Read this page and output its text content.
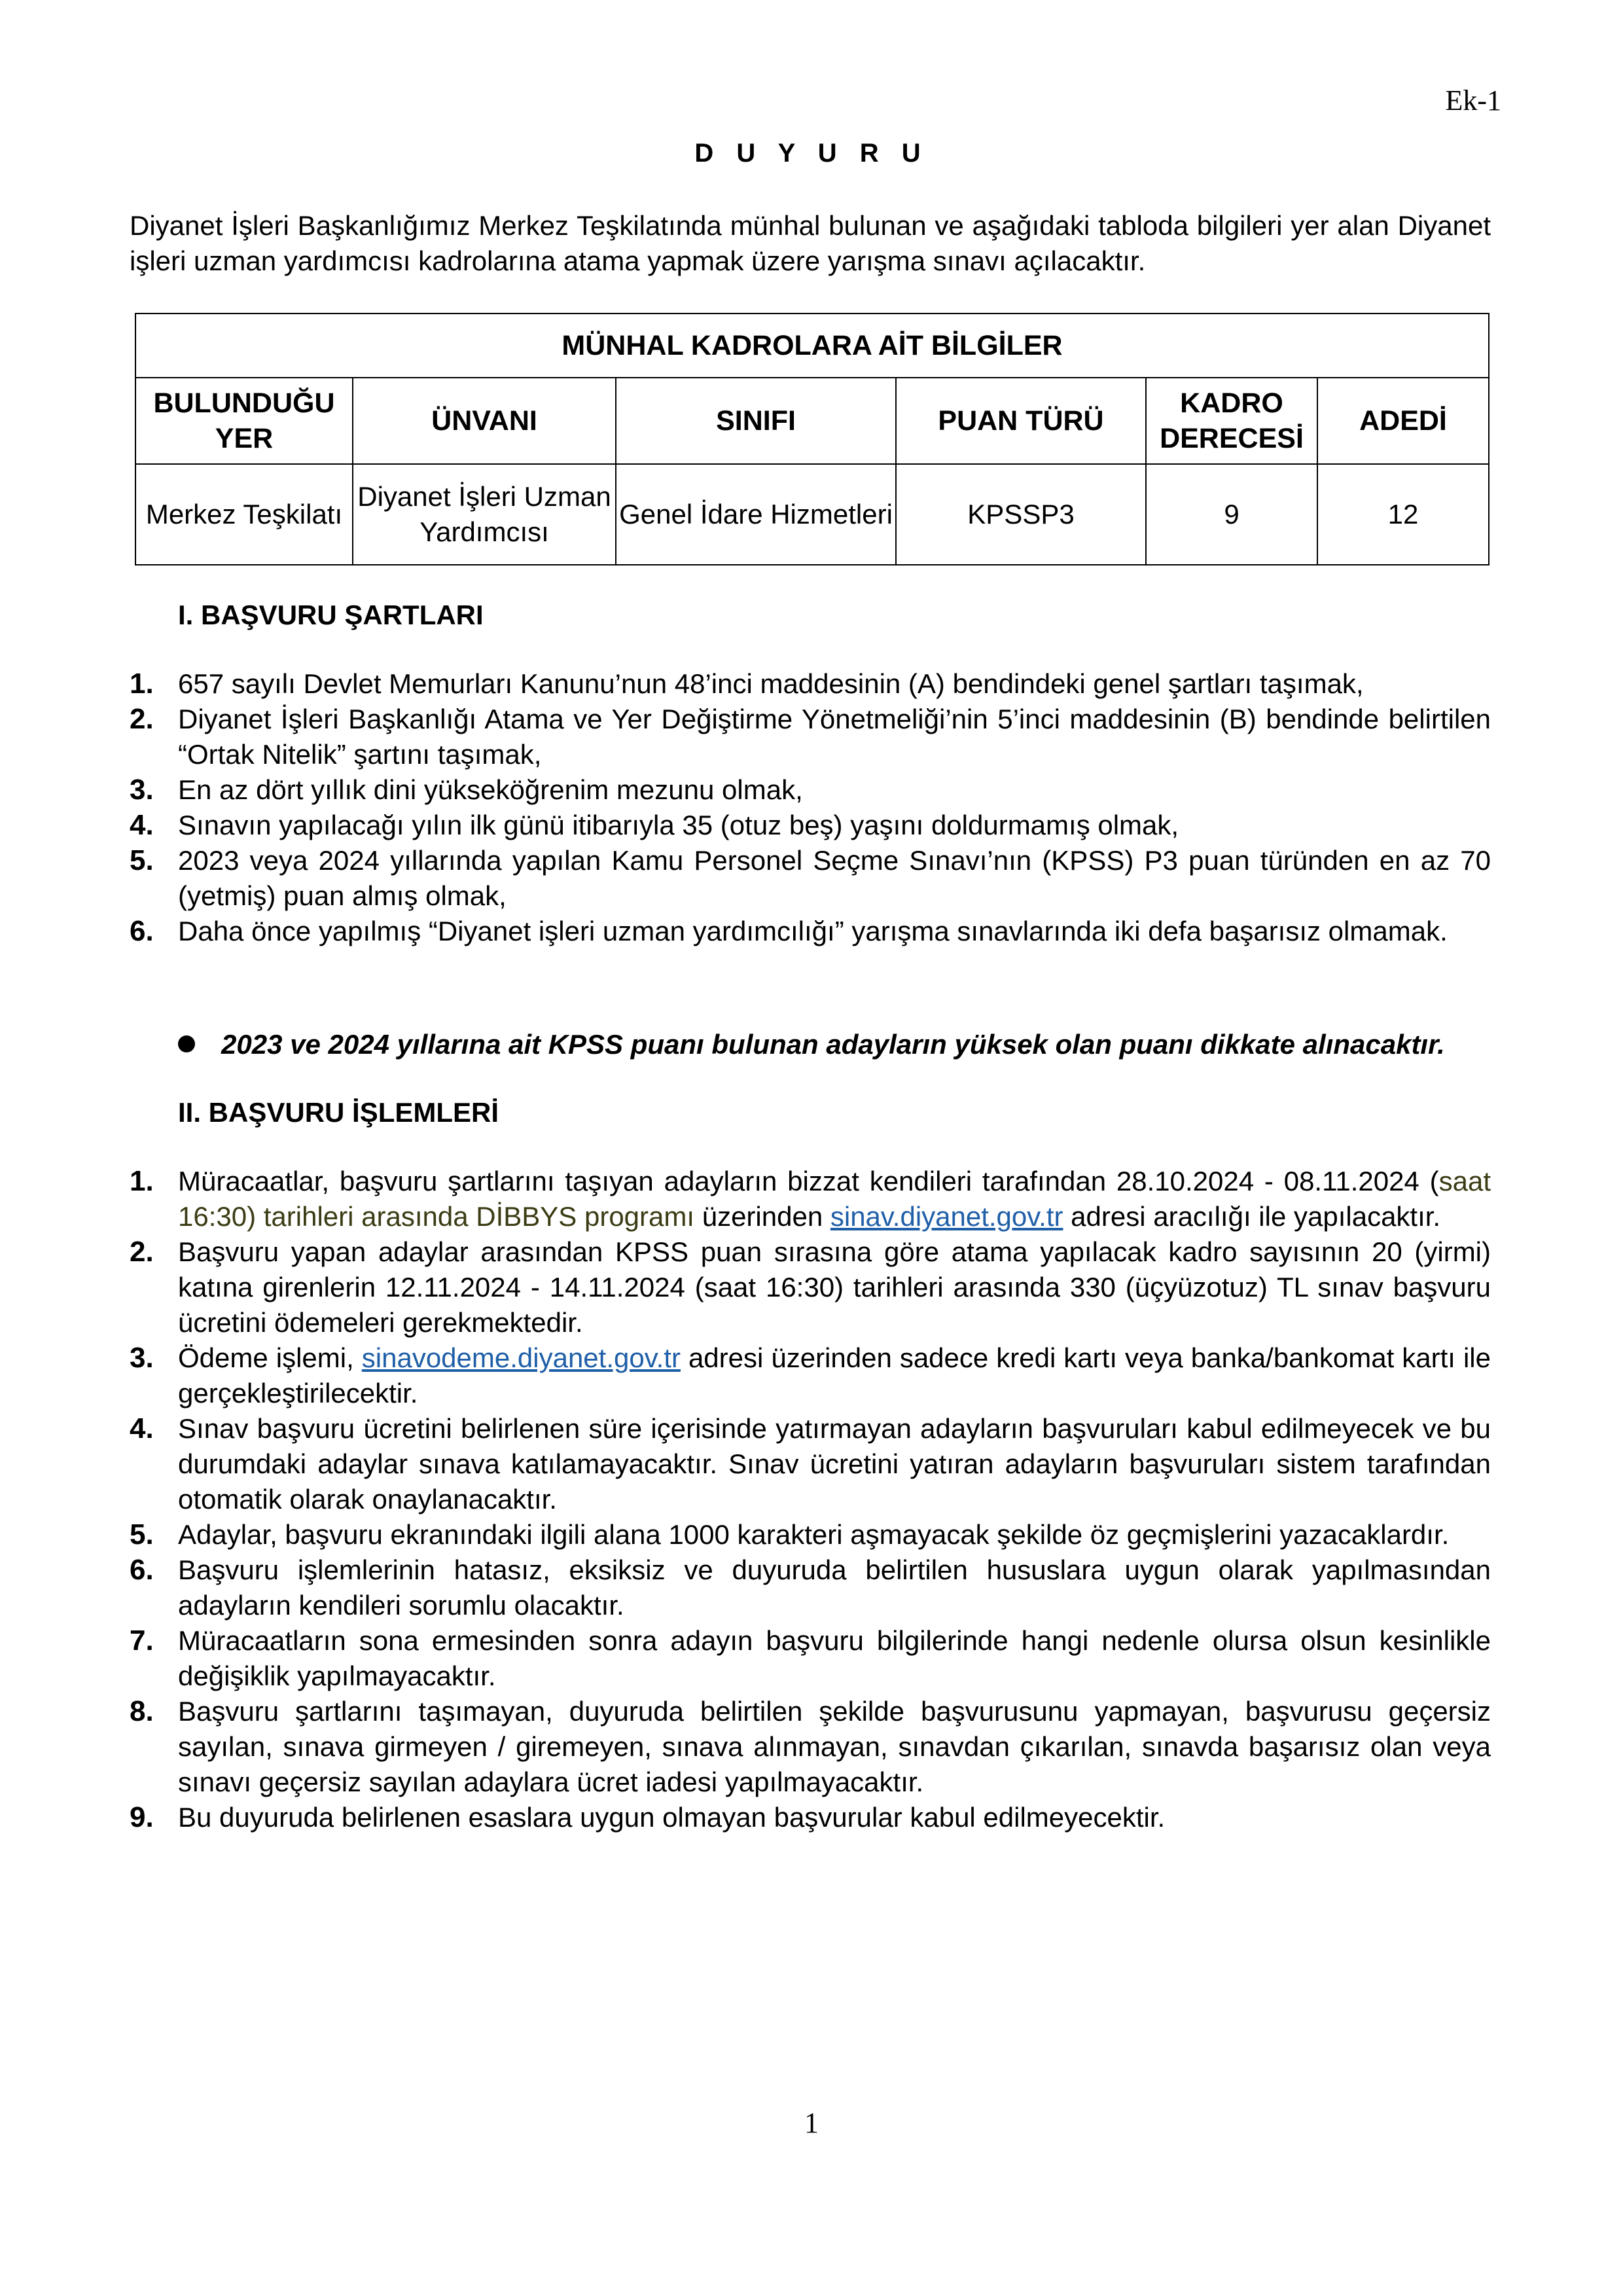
Ek-1
D U Y U R U
Diyanet İşleri Başkanlığımız Merkez Teşkilatında münhal bulunan ve aşağıdaki tabloda bilgileri yer alan Diyanet işleri uzman yardımcısı kadrolarına atama yapmak üzere yarışma sınavı açılacaktır.
MÜNHAL KADROLARA AİT BİLGİLER					
BULUNDUĞU YER	ÜNVANI	SINIFI	PUAN TÜRÜ	KADRO DERECESİ	ADEDİ
Merkez Teşkilatı	Diyanet İşleri Uzman Yardımcısı	Genel İdare Hizmetleri	KPSSP3	9	12
I. BAŞVURU ŞARTLARI
1. 657 sayılı Devlet Memurları Kanunu’nun 48’inci maddesinin (A) bendindeki genel şartları taşımak,
2. Diyanet İşleri Başkanlığı Atama ve Yer Değiştirme Yönetmeliği’nin 5’inci maddesinin (B) bendinde belirtilen “Ortak Nitelik” şartını taşımak,
3. En az dört yıllık dini yükseköğrenim mezunu olmak,
4. Sınavın yapılacağı yılın ilk günü itibarıyla 35 (otuz beş) yaşını doldurmamış olmak,
5. 2023 veya 2024 yıllarında yapılan Kamu Personel Seçme Sınavı’nın (KPSS) P3 puan türünden en az 70 (yetmiş) puan almış olmak,
6. Daha önce yapılmış “Diyanet işleri uzman yardımcılığı” yarışma sınavlarında iki defa başarısız olmamak.
2023 ve 2024 yıllarına ait KPSS puanı bulunan adayların yüksek olan puanı dikkate alınacaktır.
II. BAŞVURU İŞLEMLERİ
1. Müracaatlar, başvuru şartlarını taşıyan adayların bizzat kendileri tarafından 28.10.2024 - 08.11.2024 (saat 16:30) tarihleri arasında DİBBYS programı üzerinden sinav.diyanet.gov.tr adresi aracılığı ile yapılacaktır.
2. Başvuru yapan adaylar arasından KPSS puan sırasına göre atama yapılacak kadro sayısının 20 (yirmi) katına girenlerin 12.11.2024 - 14.11.2024 (saat 16:30) tarihleri arasında 330 (üçyüzotuz) TL sınav başvuru ücretini ödemeleri gerekmektedir.
3. Ödeme işlemi, sinavodeme.diyanet.gov.tr adresi üzerinden sadece kredi kartı veya banka/bankomat kartı ile gerçekleştirilecektir.
4. Sınav başvuru ücretini belirlenen süre içerisinde yatırmayan adayların başvuruları kabul edilmeyecek ve bu durumdaki adaylar sınava katılamayacaktır. Sınav ücretini yatıran adayların başvuruları sistem tarafından otomatik olarak onaylanacaktır.
5. Adaylar, başvuru ekranındaki ilgili alana 1000 karakteri aşmayacak şekilde öz geçmişlerini yazacaklardır.
6. Başvuru işlemlerinin hatasız, eksiksiz ve duyuruda belirtilen hususlara uygun olarak yapılmasından adayların kendileri sorumlu olacaktır.
7. Müracaatların sona ermesinden sonra adayın başvuru bilgilerinde hangi nedenle olursa olsun kesinlikle değişiklik yapılmayacaktır.
8. Başvuru şartlarını taşımayan, duyuruda belirtilen şekilde başvurusunu yapmayan, başvurusu geçersiz sayılan, sınava girmeyen / giremeyen, sınava alınmayan, sınavdan çıkarılan, sınavda başarısız olan veya sınavı geçersiz sayılan adaylara ücret iadesi yapılmayacaktır.
9. Bu duyuruda belirlenen esaslara uygun olmayan başvurular kabul edilmeyecektir.
1
